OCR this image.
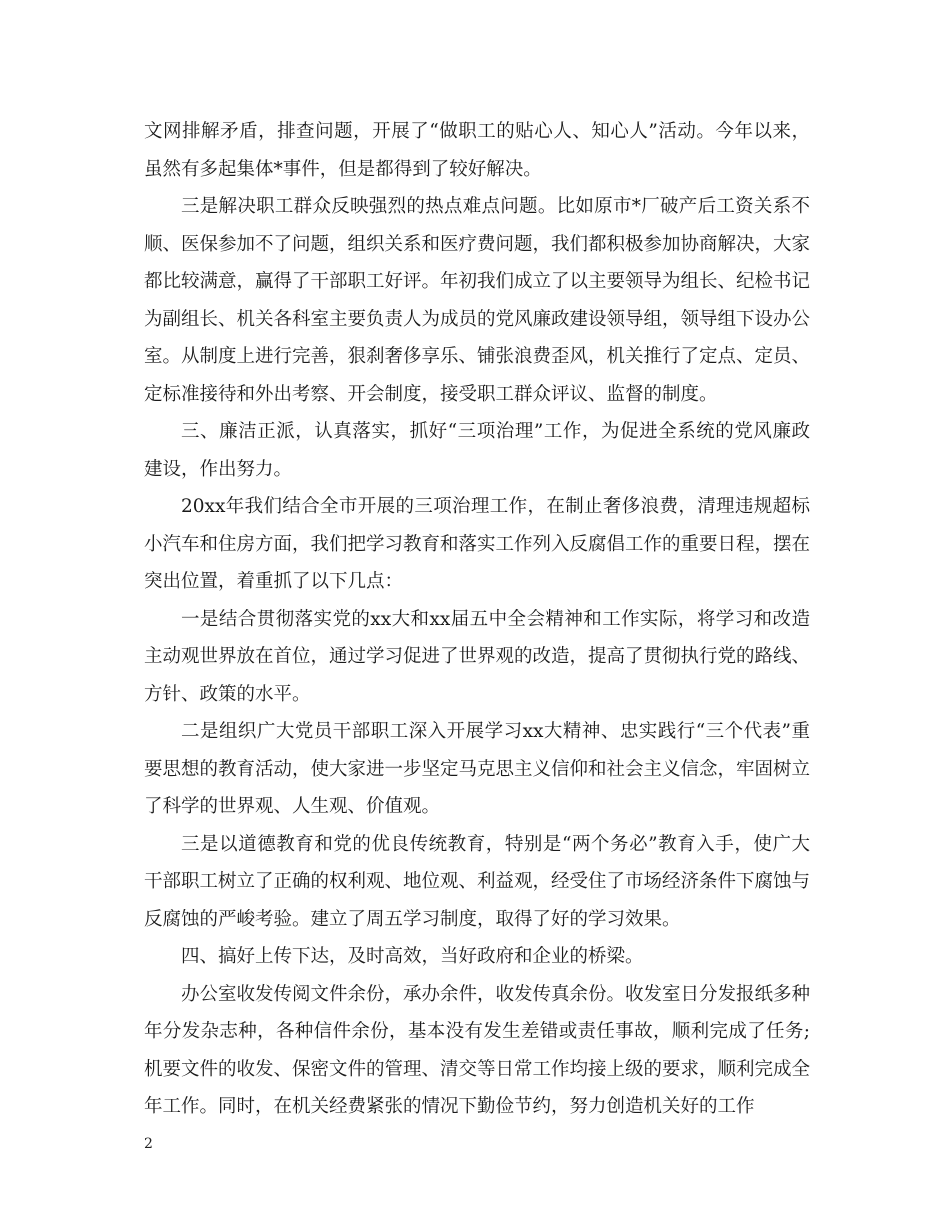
文网排解矛盾，排查问题，开展了“做职工的贴心人、知心人”活动。今年以来，虽然有多起集体*事件，但是都得到了较好解决。

三是解决职工群众反映强烈的热点难点问题。比如原市*厂破产后工资关系不顺、医保参加不了问题，组织关系和医疗费问题，我们都积极参加协商解决，大家都比较满意，赢得了干部职工好评。年初我们成立了以主要领导为组长、纪检书记为副组长、机关各科室主要负责人为成员的党风廉政建设领导组，领导组下设办公室。从制度上进行完善，狠刹奢侈享乐、铺张浪费歪风，机关推行了定点、定员、定标准接待和外出考察、开会制度，接受职工群众评议、监督的制度。

三、廉洁正派，认真落实，抓好“三项治理”工作，为促进全系统的党风廉政建设，作出努力。

20xx年我们结合全市开展的三项治理工作，在制止奢侈浪费，清理违规超标小汽车和住房方面，我们把学习教育和落实工作列入反腐倡工作的重要日程，摆在突出位置，着重抓了以下几点：

一是结合贯彻落实党的xx大和xx届五中全会精神和工作实际，将学习和改造主动观世界放在首位，通过学习促进了世界观的改造，提高了贯彻执行党的路线、方针、政策的水平。

二是组织广大党员干部职工深入开展学习xx大精神、忠实践行“三个代表”重要思想的教育活动，使大家进一步坚定马克思主义信仰和社会主义信念，牢固树立了科学的世界观、人生观、价值观。

三是以道德教育和党的优良传统教育，特别是“两个务必”教育入手，使广大干部职工树立了正确的权利观、地位观、利益观，经受住了市场经济条件下腐蚀与反腐蚀的严峻考验。建立了周五学习制度，取得了好的学习效果。

四、搞好上传下达，及时高效，当好政府和企业的桥梁。

办公室收发传阅文件余份，承办余件，收发传真余份。收发室日分发报纸多种年分发杂志种，各种信件余份，基本没有发生差错或责任事故，顺利完成了任务;机要文件的收发、保密文件的管理、清交等日常工作均接上级的要求，顺利完成全年工作。同时，在机关经费紧张的情况下勤俭节约，努力创造机关好的工作

2
